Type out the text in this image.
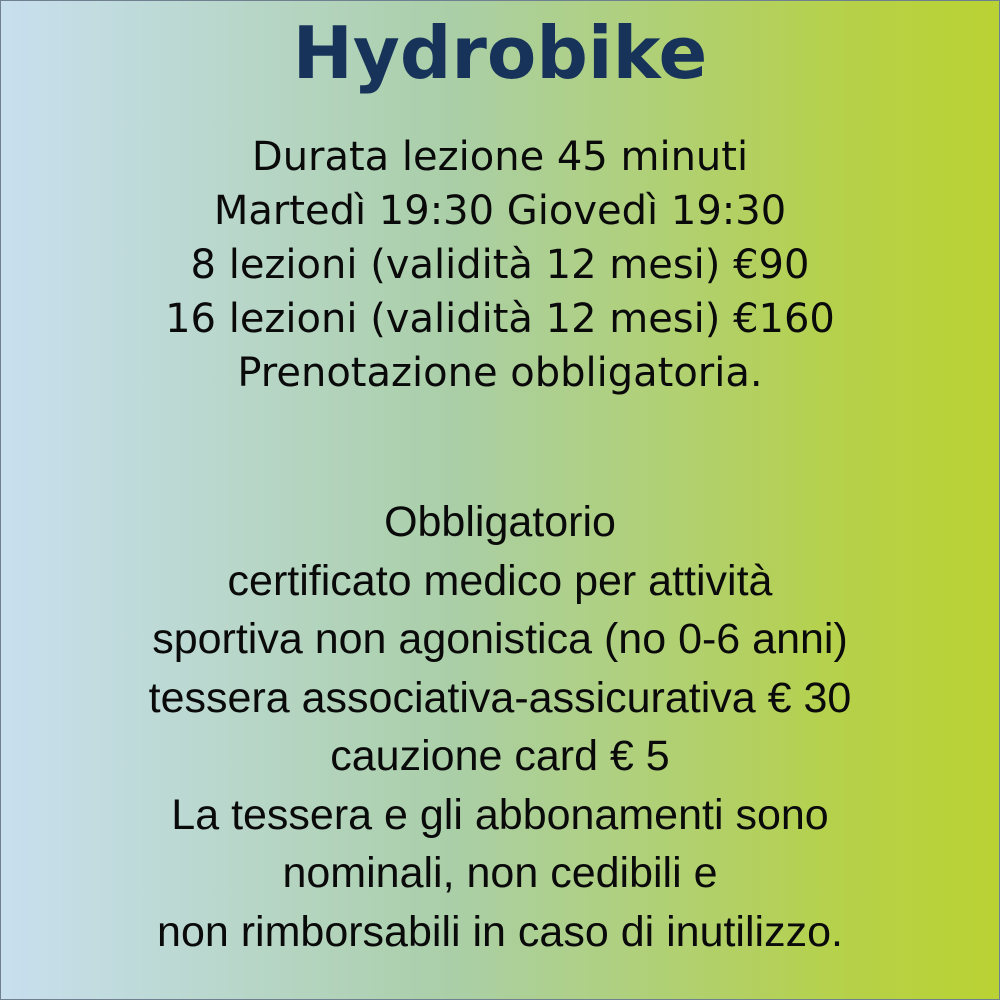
Hydrobike
Durata lezione 45 minuti
Martedì 19:30 Giovedì 19:30
8 lezioni (validità 12 mesi) €90
16 lezioni (validità 12 mesi) €160
Prenotazione obbligatoria.
Obbligatorio
certificato medico per attività
sportiva non agonistica (no 0-6 anni)
tessera associativa-assicurativa € 30
cauzione card € 5
La tessera e gli abbonamenti sono
nominali, non cedibili e
non rimborsabili in caso di inutilizzo.
